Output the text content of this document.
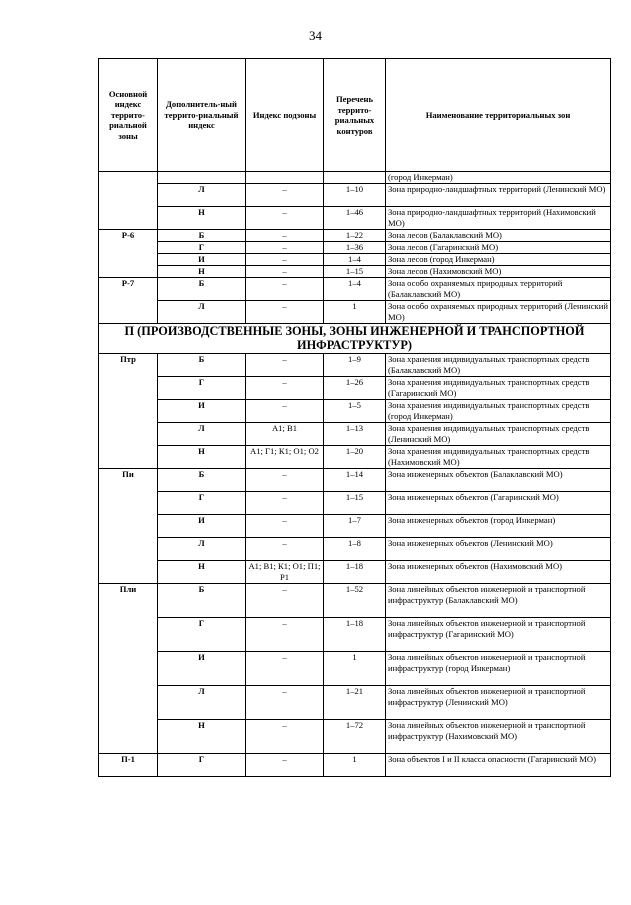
34
Основной индекс террито-риальной зоны	Дополнитель-ный террито-риальный индекс	Индекс подзоны	Перечень террито-риальных контуров	Наименование территориальных зон
				(город Инкерман)
	Л	–	1–10	Зона природно-ландшафтных территорий (Ленинский МО)
	Н	–	1–46	Зона природно-ландшафтных территорий (Нахимовский МО)
Р-6	Б	–	1–22	Зона лесов (Балаклавский МО)
	Г	–	1–36	Зона лесов (Гагаринский МО)
	И	–	1–4	Зона лесов (город Инкерман)
	Н	–	1–15	Зона лесов (Нахимовский МО)
Р-7	Б	–	1–4	Зона особо охраняемых природных территорий (Балаклавский МО)
	Л	–	1	Зона особо охраняемых природных территорий (Ленинский МО)
П (ПРОИЗВОДСТВЕННЫЕ ЗОНЫ, ЗОНЫ ИНЖЕНЕРНОЙ И ТРАНСПОРТНОЙ ИНФРАСТРУКТУР)				
Птр	Б	–	1–9	Зона хранения индивидуальных транспортных средств (Балаклавский МО)
	Г	–	1–26	Зона хранения индивидуальных транспортных средств (Гагаринский МО)
	И	–	1–5	Зона хранения индивидуальных транспортных средств (город Инкерман)
	Л	А1; В1	1–13	Зона хранения индивидуальных транспортных средств (Ленинский МО)
	Н	А1; Г1; К1; О1; О2	1–20	Зона хранения индивидуальных транспортных средств (Нахимовский МО)
Пи	Б	–	1–14	Зона инженерных объектов (Балаклавский МО)
	Г	–	1–15	Зона инженерных объектов (Гагаринский МО)
	И	–	1–7	Зона инженерных объектов (город Инкерман)
	Л	–	1–8	Зона инженерных объектов (Ленинский МО)
	Н	А1; В1; К1; О1; П1; Р1	1–18	Зона инженерных объектов (Нахимовский МО)
Пли	Б	–	1–52	Зона линейных объектов инженерной и транспортной инфраструктур (Балаклавский МО)
	Г	–	1–18	Зона линейных объектов инженерной и транспортной инфраструктур (Гагаринский МО)
	И	–	1	Зона линейных объектов инженерной и транспортной инфраструктур (город Инкерман)
	Л	–	1–21	Зона линейных объектов инженерной и транспортной инфраструктур (Ленинский МО)
	Н	–	1–72	Зона линейных объектов инженерной и транспортной инфраструктур (Нахимовский МО)
П-1	Г	–	1	Зона объектов I и II класса опасности (Гагаринский МО)
